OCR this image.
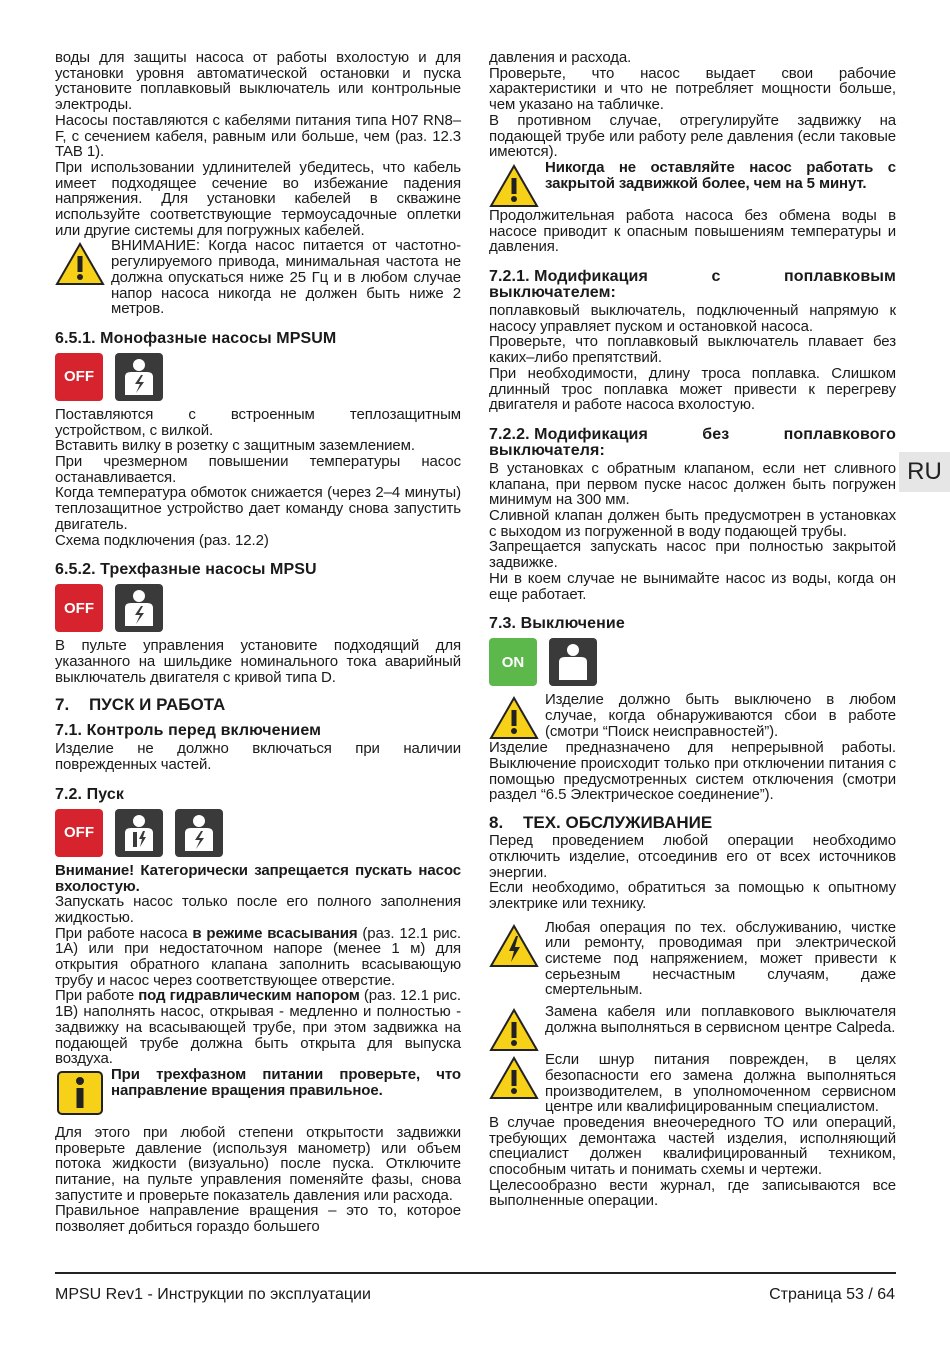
воды для защиты насоса от работы вхолостую и для установки уровня автоматической остановки и пуска установите поплавковый выключатель или контрольные электроды.

Насосы поставляются с кабелями питания типа H07 RN8–F, с сечением кабеля, равным или больше, чем (раз. 12.3 TAB 1).

При использовании удлинителей убедитесь, что кабель имеет подходящее сечение во избежание падения напряжения. Для установки кабелей в скважине используйте соответствующие термоусадочные оплетки или другие системы для погружных кабелей.

ВНИМАНИЕ: Когда насос питается от частотно-регулируемого привода, минимальная частота не должна опускаться ниже 25 Гц и в любом случае напор насоса никогда не должен быть ниже 2 метров.

6.5.1. Монофазные насосы MPSUM
OFF

Поставляются с встроенным теплозащитным устройством, с вилкой.

Вставить вилку в розетку с защитным заземлением.

При чрезмерном повышении температуры насос останавливается.

Когда температура обмоток снижается (через 2–4 минуты) теплозащитное устройство дает команду снова запустить двигатель.

Схема подключения (раз. 12.2)

6.5.2. Трехфазные насосы MPSU
OFF

В пульте управления установите подходящий для указанного на шильдике номинального тока аварийный выключатель двигателя с кривой типа D.

7. ПУСК И РАБОТА
7.1. Контроль перед включением

Изделие не должно включаться при наличии поврежденных частей.

7.2. Пуск
OFF

Внимание! Категорически запрещается пускать насос вхолостую.

Запускать насос только после его полного заполнения жидкостью.

При работе насоса в режиме всасывания (раз. 12.1 рис. 1А) или при недостаточном напоре (менее 1 м) для открытия обратного клапана заполнить всасывающую трубу и насос через соответствующее отверстие.

При работе под гидравлическим напором (раз. 12.1 рис. 1В) наполнять насос, открывая - медленно и полностью - задвижку на всасывающей трубе, при этом задвижка на подающей трубе должна быть открыта для выпуска воздуха.

При трехфазном питании проверьте, что направление вращения правильное.

Для этого при любой степени открытости задвижки проверьте давление (используя манометр) или объем потока жидкости (визуально) после пуска. Отключите питание, на пульте управления поменяйте фазы, снова запустите и проверьте показатель давления или расхода.

Правильное направление вращения – это то, которое позволяет добиться гораздо большего

давления и расхода.

Проверьте, что насос выдает свои рабочие характеристики и что не потребляет мощности больше, чем указано на табличке.

В противном случае, отрегулируйте задвижку на подающей трубе или работу реле давления (если таковые имеются).

Никогда не оставляйте насос работать с закрытой задвижкой более, чем на 5 минут.

Продолжительная работа насоса без обмена воды в насосе приводит к опасным повышениям температуры и давления.

7.2.1. Модификация	с	поплавковым
выключателем:

поплавковый выключатель, подключенный напрямую к насосу управляет пуском и остановкой насоса.

Проверьте, что поплавковый выключатель плавает без каких–либо препятствий.

При необходимости, длину троса поплавка. Слишком длинный трос поплавка может привести к перегреву двигателя и работе насоса вхолостую.

7.2.2. Модификация	без	поплавкового
выключателя:

В установках с обратным клапаном, если нет сливного клапана, при первом пуске насос должен быть погружен минимум на 300 мм.

Сливной клапан должен быть предусмотрен в установках с выходом из погруженной в воду подающей трубы.

Запрещается запускать насос при полностью закрытой задвижке.

Ни в коем случае не вынимайте насос из воды, когда он еще работает.

7.3. Выключение
ON

Изделие должно быть выключено в любом случае, когда обнаруживаются сбои в работе (смотри “Поиск неисправностей”).

Изделие предназначено для непрерывной работы. Выключение происходит только при отключении питания с помощью предусмотренных систем отключения (смотри раздел “6.5 Электрическое соединение”).

8. ТЕХ. ОБСЛУЖИВАНИЕ

Перед проведением любой операции необходимо отключить изделие, отсоединив его от всех источников энергии.

Если необходимо, обратиться за помощью к опытному электрике или технику.

Любая операция по тех. обслуживанию, чистке или ремонту, проводимая при электрической системе под напряжением, может привести к серьезным несчастным случаям, даже смертельным.

Замена кабеля или поплавкового выключателя должна выполняться в сервисном центре Calpeda.

Если шнур питания поврежден, в целях безопасности его замена должна выполняться производителем, в уполномоченном сервисном центре или квалифицированным специалистом.

В случае проведения внеочередного ТО или операций, требующих демонтажа частей изделия, исполняющий специалист должен квалифицированный техником, способным читать и понимать схемы и чертежи.

Целесообразно вести журнал, где записываются все выполненные операции.

RU
MPSU Rev1 - Инструкции по эксплуатации	Страница 53 / 64
